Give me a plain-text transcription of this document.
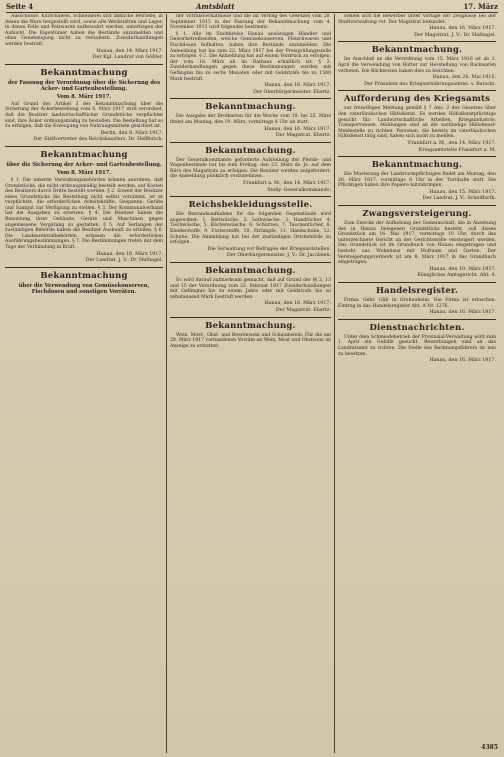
Seite 4	Amtsblatt	17. März
Ausschüsse, Kürschnerei, Schneiderei und ähnliche Betriebe, in denen die Ware hergestellt wird, sowie alle Werkstätten und Lager, in denen Felle und Pelzwaren aufbewahrt werden, unterliegen der Aufsicht. Die Eigentümer haben die Bestände anzumelden und ohne Genehmigung nicht zu veräußern. Zuwiderhandlungen werden bestraft.
Hanau, den 14. März 1917.
Der Kgl. Landrat von Gößler.
Bekanntmachung
der Fassung der Verordnung über die Sicherung des Acker- und Gartenbestellung.
Vom 8. März 1917.
Auf Grund des Artikel 3 der Bekanntmachung über die Sicherung der Ackerbestellung vom 8. März 1917 wird verordnet, daß die Besitzer landwirtschaftlicher Grundstücke verpflichtet sind, ihre Äcker ordnungsmäßig zu bestellen. Die Bestellung hat so zu erfolgen, daß die Erzeugung von Nahrungsmitteln gesichert ist.
Berlin, den 8. März 1917.
Der Stellvertreter des Reichskanzlers. Dr. Helfferich.
Bekanntmachung
über die Sicherung der Acker- und Gartenbestellung.
Vom 8. März 1917.
§ 1. Die unteren Verwaltungsbehörden können anordnen, daß Grundstücke, die nicht ordnungsmäßig bestellt werden, auf Kosten des Besitzers durch Dritte bestellt werden. § 2. Soweit der Besitzer eines Grundstücks die Bestellung nicht selbst vornimmt, ist er verpflichtet, die erforderlichen Arbeitskräfte, Gespanne, Geräte und Saatgut zur Verfügung zu stellen. § 3. Der Kommunalverband hat die Ausgaben zu ersetzen. § 4. Die Besitzer haben die Benutzung ihrer Gebäude, Geräte und Maschinen gegen angemessene Vergütung zu gestatten. § 5. Auf Verlangen der zuständigen Behörde haben die Besitzer Auskunft zu erteilen. § 6. Die Landeszentralbehörden erlassen die erforderlichen Ausführungsbestimmungen. § 7. Die Bestimmungen treten mit dem Tage der Verkündung in Kraft.
Hanau, den 16. März 1917.
Der Landrat. J. V.: Dr. Hufnagel.
Bekanntmachung
über die Verwendung von Gemüsekonserven, Fischdosen und sonstigen Vorräten.
der Vorratsverhältnisse und die im Verfolg des Gesetzes vom 28. September 1915 in der Fassung der Bekanntmachung vom 4. November 1915 wird folgendes bestimmt:
§ 1. Alle im Stadtkreise Hanau ansässigen Händler und Gewerbetreibenden, welche Gemüsekonserven, Fleischwaren und Fischdosen feilhalten, haben ihre Bestände anzumelden. Die Anmeldung hat bis zum 22. März 1917 bei der Preisprüfungsstelle zu erfolgen. § 2. Die Anmeldung hat auf einem Vordruck zu erfolgen, der vom 18. März ab im Rathaus erhältlich ist. § 3. Zuwiderhandlungen gegen diese Bestimmungen werden mit Gefängnis bis zu sechs Monaten oder mit Geldstrafe bis zu 1500 Mark bestraft.
Hanau, den 16. März 1917.
Der Oberbürgermeister. Ebertz.
Bekanntmachung.
Die Ausgabe der Brotkarten für die Woche vom 19. bis 25. März findet am Montag, den 19. März, vormittags 8 Uhr ab statt.
Hanau, den 16. März 1917.
Der Magistrat. Ebertz.
Bekanntmachung.
Der Generalkommando geforderte Aufstellung der Pferde- und Wagenbestände hat bis zum Freitag, den 23. März ds. Js. auf dem Büro des Magistrats zu erfolgen. Die Besitzer werden aufgefordert, die Anmeldung pünktlich vorzunehmen.
Frankfurt a. M., den 14. März 1917.
Stelly. Generalkommando.
Reichsbekleidungsstelle.
Die Bestandsaufnahme für die folgenden Gegenstände wird angeordnet: 1. Bettwäsche, 2. Leibwäsche, 3. Handtücher, 4. Tischwäsche, 5. Küchenwäsche, 6. Schürzen, 7. Taschentücher, 8. Kleiderstoffe, 9. Futterstoffe, 10. Strümpfe, 11. Handschuhe, 12. Schuhe. Die Anmeldung hat bei der zuständigen Ortsbehörde zu erfolgen.
Die Verwaltung vor Befragen der Kriegsnotstellen.
Der Oberbürgermeister. J. V.: Dr. Jacobsen.
Bekanntmachung.
Es wird darauf aufmerksam gemacht, daß auf Grund der §§ 2, 13 und 15 der Verordnung vom 22. Februar 1917 Zuwiderhandlungen mit Gefängnis bis zu einem Jahre oder mit Geldstrafe bis zu zehntausend Mark bestraft werden.
Hanau, den 16. März 1917.
Der Magistrat. Ebertz.
Bekanntmachung.
Wein, Most-, Obst- und Beerenwein und Schaumwein. Für die am 28. März 1917 vorhandenen Vorräte an Wein, Most und Obstwein ist Anzeige zu erstatten.
stellen sich die Bewerber unter Vorlage der Zeugnisse bei der Stadtverwaltung vor. Der Magistrat bekundet.
Hanau, den 16. März 1917.
Der Magistrat. J. V.: Dr. Hufnagel.
Bekanntmachung.
Im Anschluß an die Verordnung vom 15. März 1916 ist ab 1. April die Verwendung von Butter zur Herstellung von Backwaren verboten. Die Bäckereien haben dies zu beachten.
Hanau, den 26. Mai 1915.
Der Präsident des Kriegsernährungsamtes. v. Batocki.
Aufforderung des Kriegsamts
zur freiwilligen Meldung gemäß § 7 Abs. 2 des Gesetzes über den vaterländischen Hilfsdienst. Es werden Hilfsdienstpflichtige gesucht für: Landwirtschaftliche Arbeiten, Kriegsindustrie, Transportwesen. Meldungen sind an die zuständige Hilfsdienst-Meldestelle zu richten. Personen, die bereits im vaterländischen Hilfsdienst tätig sind, haben sich nicht zu melden.
Frankfurt a. M., den 14. März 1917.
Kriegsamtstelle Frankfurt a. M.
Bekanntmachung.
Die Musterung der Landsturmpflichtigen findet am Montag, den 26. März 1917, vormittags 8 Uhr in der Turnhalle statt. Die Pflichtigen haben ihre Papiere mitzubringen.
Hanau, den 15. März 1917.
Der Landrat. J. V.: Scheiffarth.
Zwangsversteigerung.
Zum Zwecke der Aufhebung der Gemeinschaft, die in Ansehung des in Hanau belegenen Grundstücks besteht, soll dieses Grundstück am 16. Mai 1917, vormittags 10 Uhr, durch das unterzeichnete Gericht an der Gerichtsstelle versteigert werden. Das Grundstück ist im Grundbuch von Hanau eingetragen und besteht aus Wohnhaus mit Hofraum und Garten. Der Versteigerungsvermerk ist am 8. März 1917 in das Grundbuch eingetragen.
Hanau, den 10. März 1917.
Königliches Amtsgericht. Abt. 4.
Handelsregister.
Firma: Gebr. Gäß in Großauheim. Die Firma ist erloschen. Eintrag in das Handelsregister Abt. A Nr. 1276.
Hanau, den 16. März 1917.
Dienstnachrichten.
Unter dem Schmiedebetrieb der Provinzial-Verwaltung wird zum 1. April ein Gehilfe gesucht. Bewerbungen sind an das Landratsamt zu richten. Die Stelle des Rechnungsführers ist neu zu besetzen.
Hanau, den 16. März 1917.
4385
